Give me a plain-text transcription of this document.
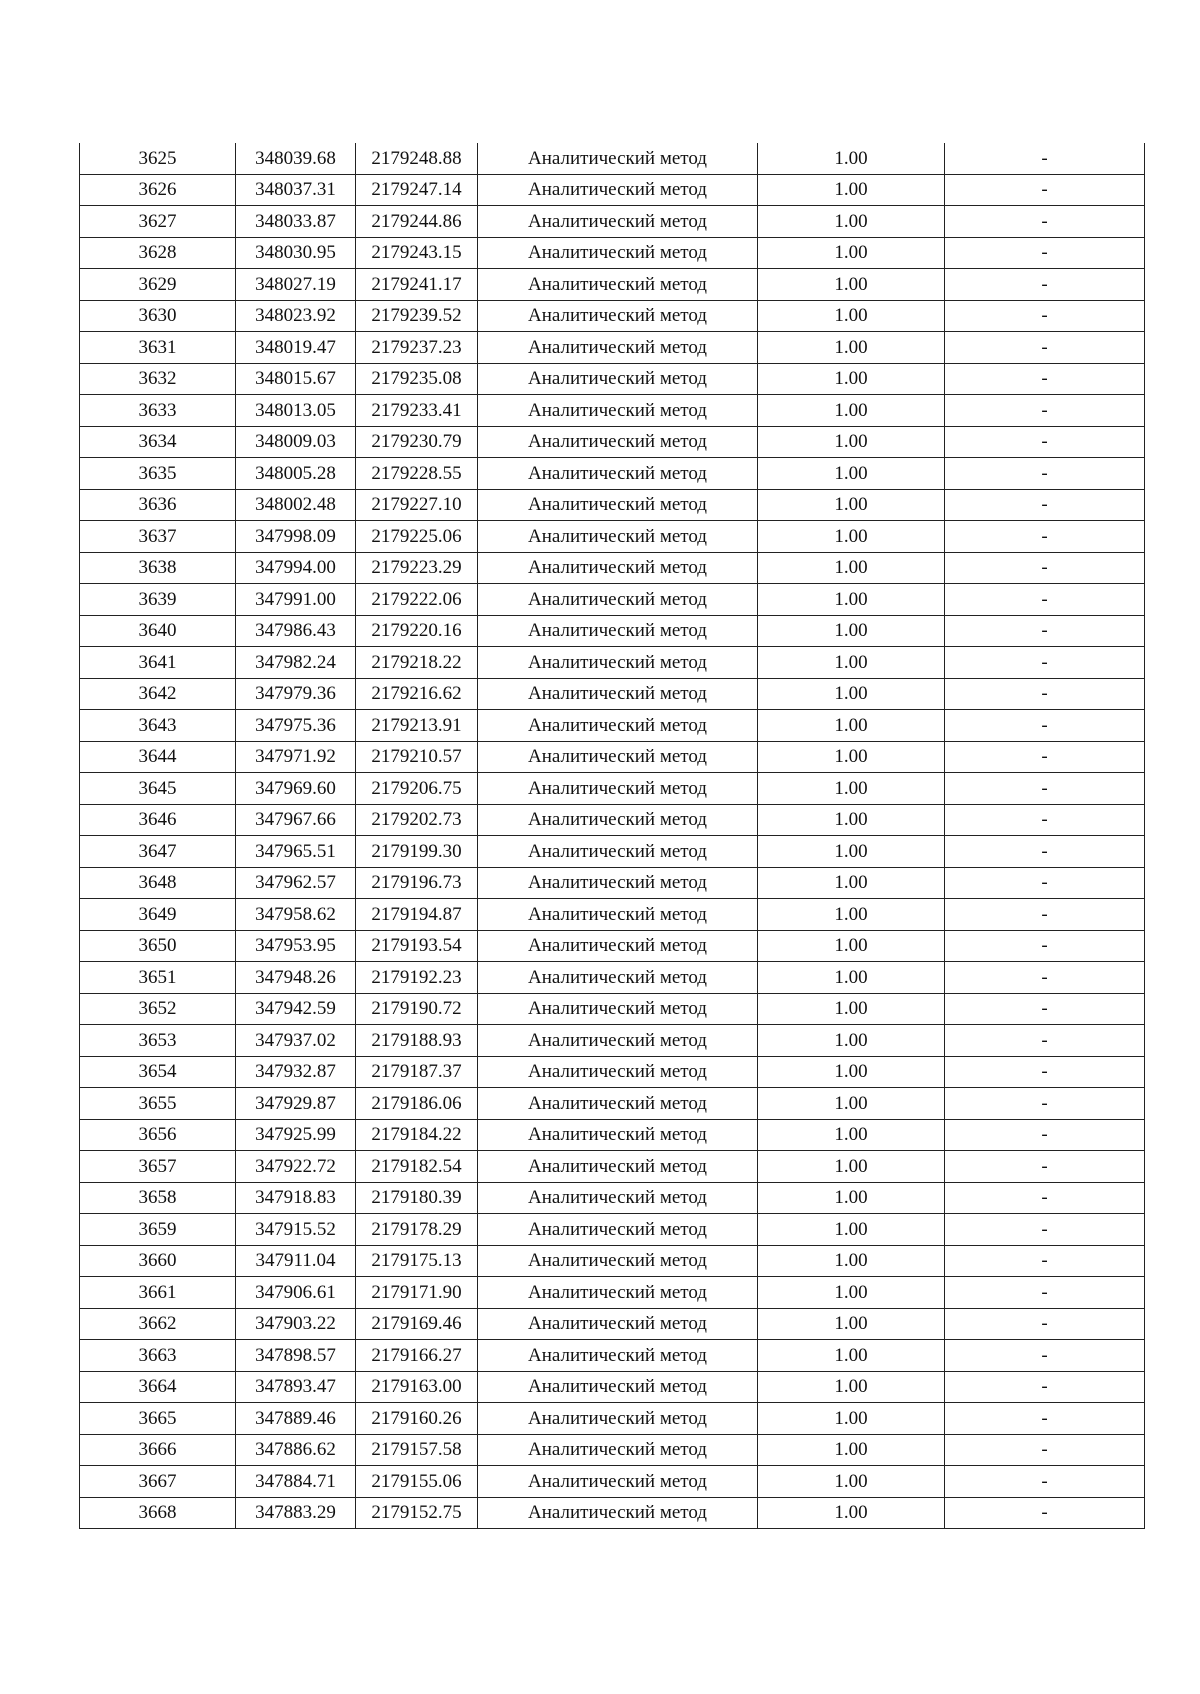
3625	348039.68	2179248.88	Аналитический метод	1.00	-
3626	348037.31	2179247.14	Аналитический метод	1.00	-
3627	348033.87	2179244.86	Аналитический метод	1.00	-
3628	348030.95	2179243.15	Аналитический метод	1.00	-
3629	348027.19	2179241.17	Аналитический метод	1.00	-
3630	348023.92	2179239.52	Аналитический метод	1.00	-
3631	348019.47	2179237.23	Аналитический метод	1.00	-
3632	348015.67	2179235.08	Аналитический метод	1.00	-
3633	348013.05	2179233.41	Аналитический метод	1.00	-
3634	348009.03	2179230.79	Аналитический метод	1.00	-
3635	348005.28	2179228.55	Аналитический метод	1.00	-
3636	348002.48	2179227.10	Аналитический метод	1.00	-
3637	347998.09	2179225.06	Аналитический метод	1.00	-
3638	347994.00	2179223.29	Аналитический метод	1.00	-
3639	347991.00	2179222.06	Аналитический метод	1.00	-
3640	347986.43	2179220.16	Аналитический метод	1.00	-
3641	347982.24	2179218.22	Аналитический метод	1.00	-
3642	347979.36	2179216.62	Аналитический метод	1.00	-
3643	347975.36	2179213.91	Аналитический метод	1.00	-
3644	347971.92	2179210.57	Аналитический метод	1.00	-
3645	347969.60	2179206.75	Аналитический метод	1.00	-
3646	347967.66	2179202.73	Аналитический метод	1.00	-
3647	347965.51	2179199.30	Аналитический метод	1.00	-
3648	347962.57	2179196.73	Аналитический метод	1.00	-
3649	347958.62	2179194.87	Аналитический метод	1.00	-
3650	347953.95	2179193.54	Аналитический метод	1.00	-
3651	347948.26	2179192.23	Аналитический метод	1.00	-
3652	347942.59	2179190.72	Аналитический метод	1.00	-
3653	347937.02	2179188.93	Аналитический метод	1.00	-
3654	347932.87	2179187.37	Аналитический метод	1.00	-
3655	347929.87	2179186.06	Аналитический метод	1.00	-
3656	347925.99	2179184.22	Аналитический метод	1.00	-
3657	347922.72	2179182.54	Аналитический метод	1.00	-
3658	347918.83	2179180.39	Аналитический метод	1.00	-
3659	347915.52	2179178.29	Аналитический метод	1.00	-
3660	347911.04	2179175.13	Аналитический метод	1.00	-
3661	347906.61	2179171.90	Аналитический метод	1.00	-
3662	347903.22	2179169.46	Аналитический метод	1.00	-
3663	347898.57	2179166.27	Аналитический метод	1.00	-
3664	347893.47	2179163.00	Аналитический метод	1.00	-
3665	347889.46	2179160.26	Аналитический метод	1.00	-
3666	347886.62	2179157.58	Аналитический метод	1.00	-
3667	347884.71	2179155.06	Аналитический метод	1.00	-
3668	347883.29	2179152.75	Аналитический метод	1.00	-
